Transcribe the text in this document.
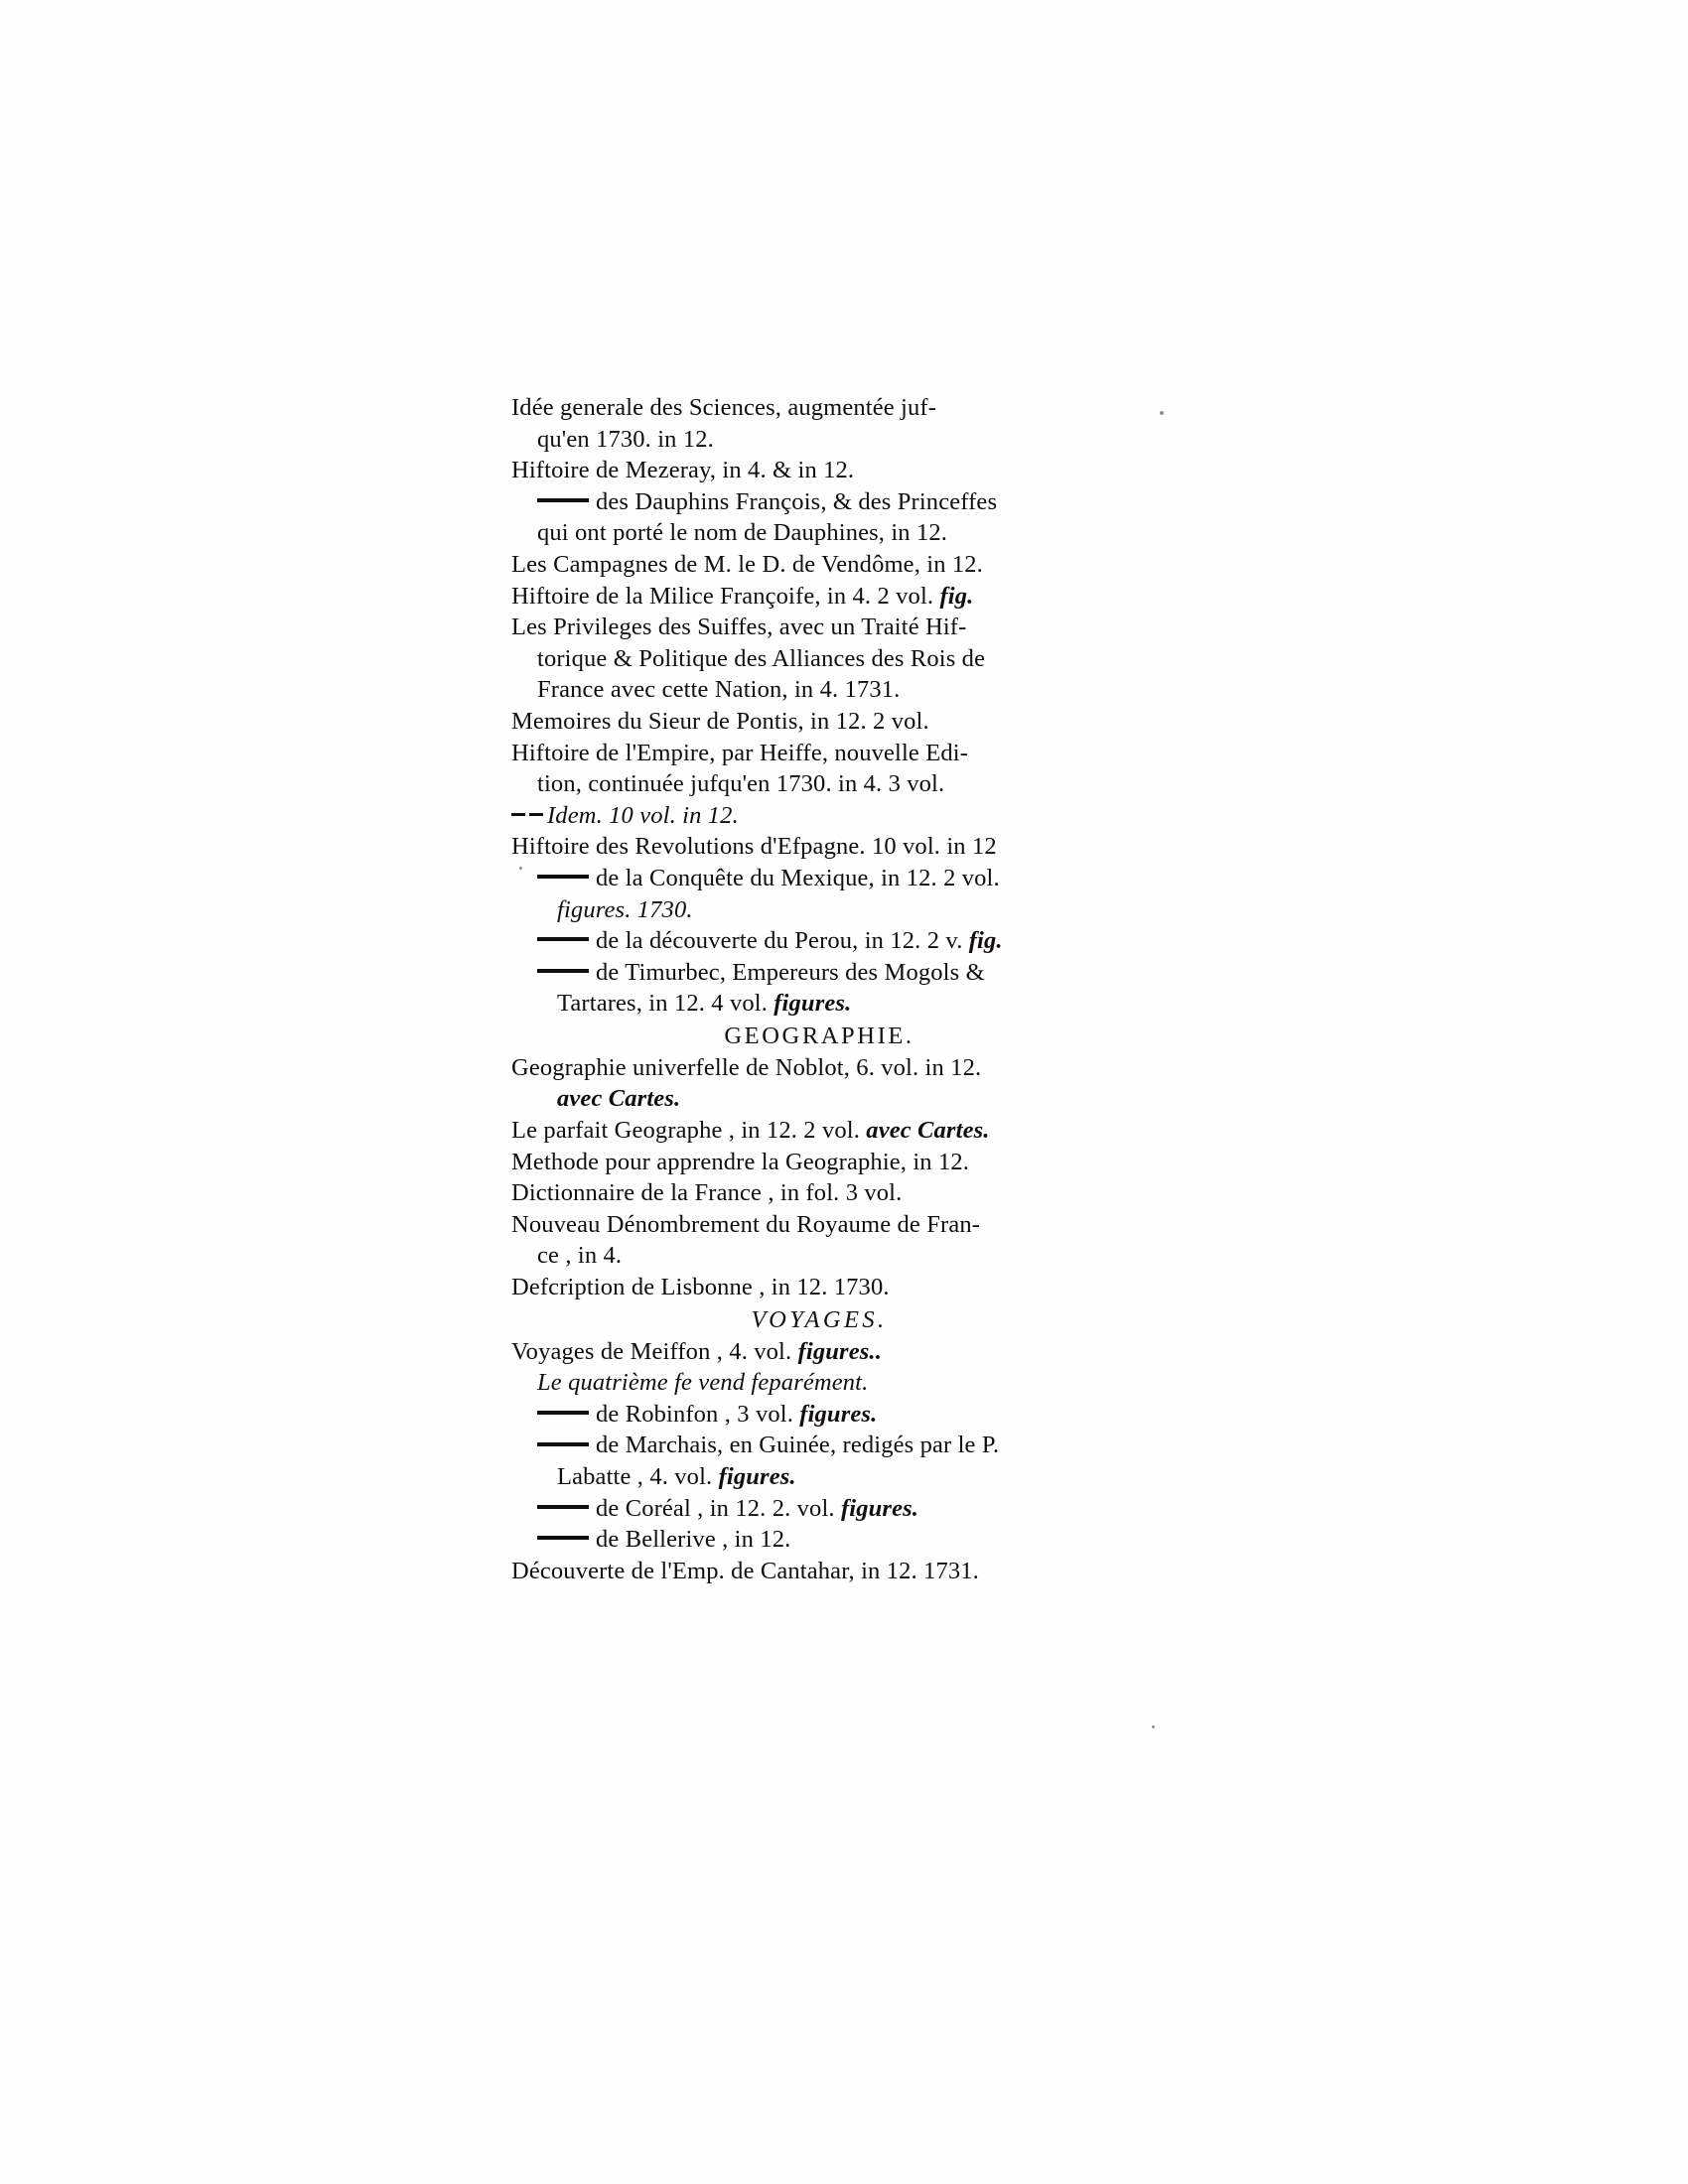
Idée generale des Sciences, augmentée juf-
qu'en 1730. in 12.
Hiftoire de Mezeray, in 4. & in 12.
des Dauphins François, & des Princeffes
qui ont porté le nom de Dauphines, in 12.
Les Campagnes de M. le D. de Vendôme, in 12.
Hiftoire de la Milice Françoife, in 4. 2 vol. fig.
Les Privileges des Suiffes, avec un Traité Hif-
torique & Politique des Alliances des Rois de
France avec cette Nation, in 4. 1731.
Memoires du Sieur de Pontis, in 12. 2 vol.
Hiftoire de l'Empire, par Heiffe, nouvelle Edi-
tion, continuée jufqu'en 1730. in 4. 3 vol.
Idem. 10 vol. in 12.
Hiftoire des Revolutions d'Efpagne. 10 vol. in 12
de la Conquête du Mexique, in 12. 2 vol.
figures. 1730.
de la découverte du Perou, in 12. 2 v. fig.
de Timurbec, Empereurs des Mogols &
Tartares, in 12. 4 vol. figures.
GEOGRAPHIE.
Geographie univerfelle de Noblot, 6. vol. in 12.
avec Cartes.
Le parfait Geographe , in 12. 2 vol. avec Cartes.
Methode pour apprendre la Geographie, in 12.
Dictionnaire de la France , in fol. 3 vol.
Nouveau Dénombrement du Royaume de Fran-
ce , in 4.
Defcription de Lisbonne , in 12. 1730.
VOYAGES.
Voyages de Meiffon , 4. vol. figures..
Le quatrième fe vend feparément.
de Robinfon , 3 vol. figures.
de Marchais, en Guinée, redigés par le P.
Labatte , 4. vol. figures.
de Coréal , in 12. 2. vol. figures.
de Bellerive , in 12.
Découverte de l'Emp. de Cantahar, in 12. 1731.
